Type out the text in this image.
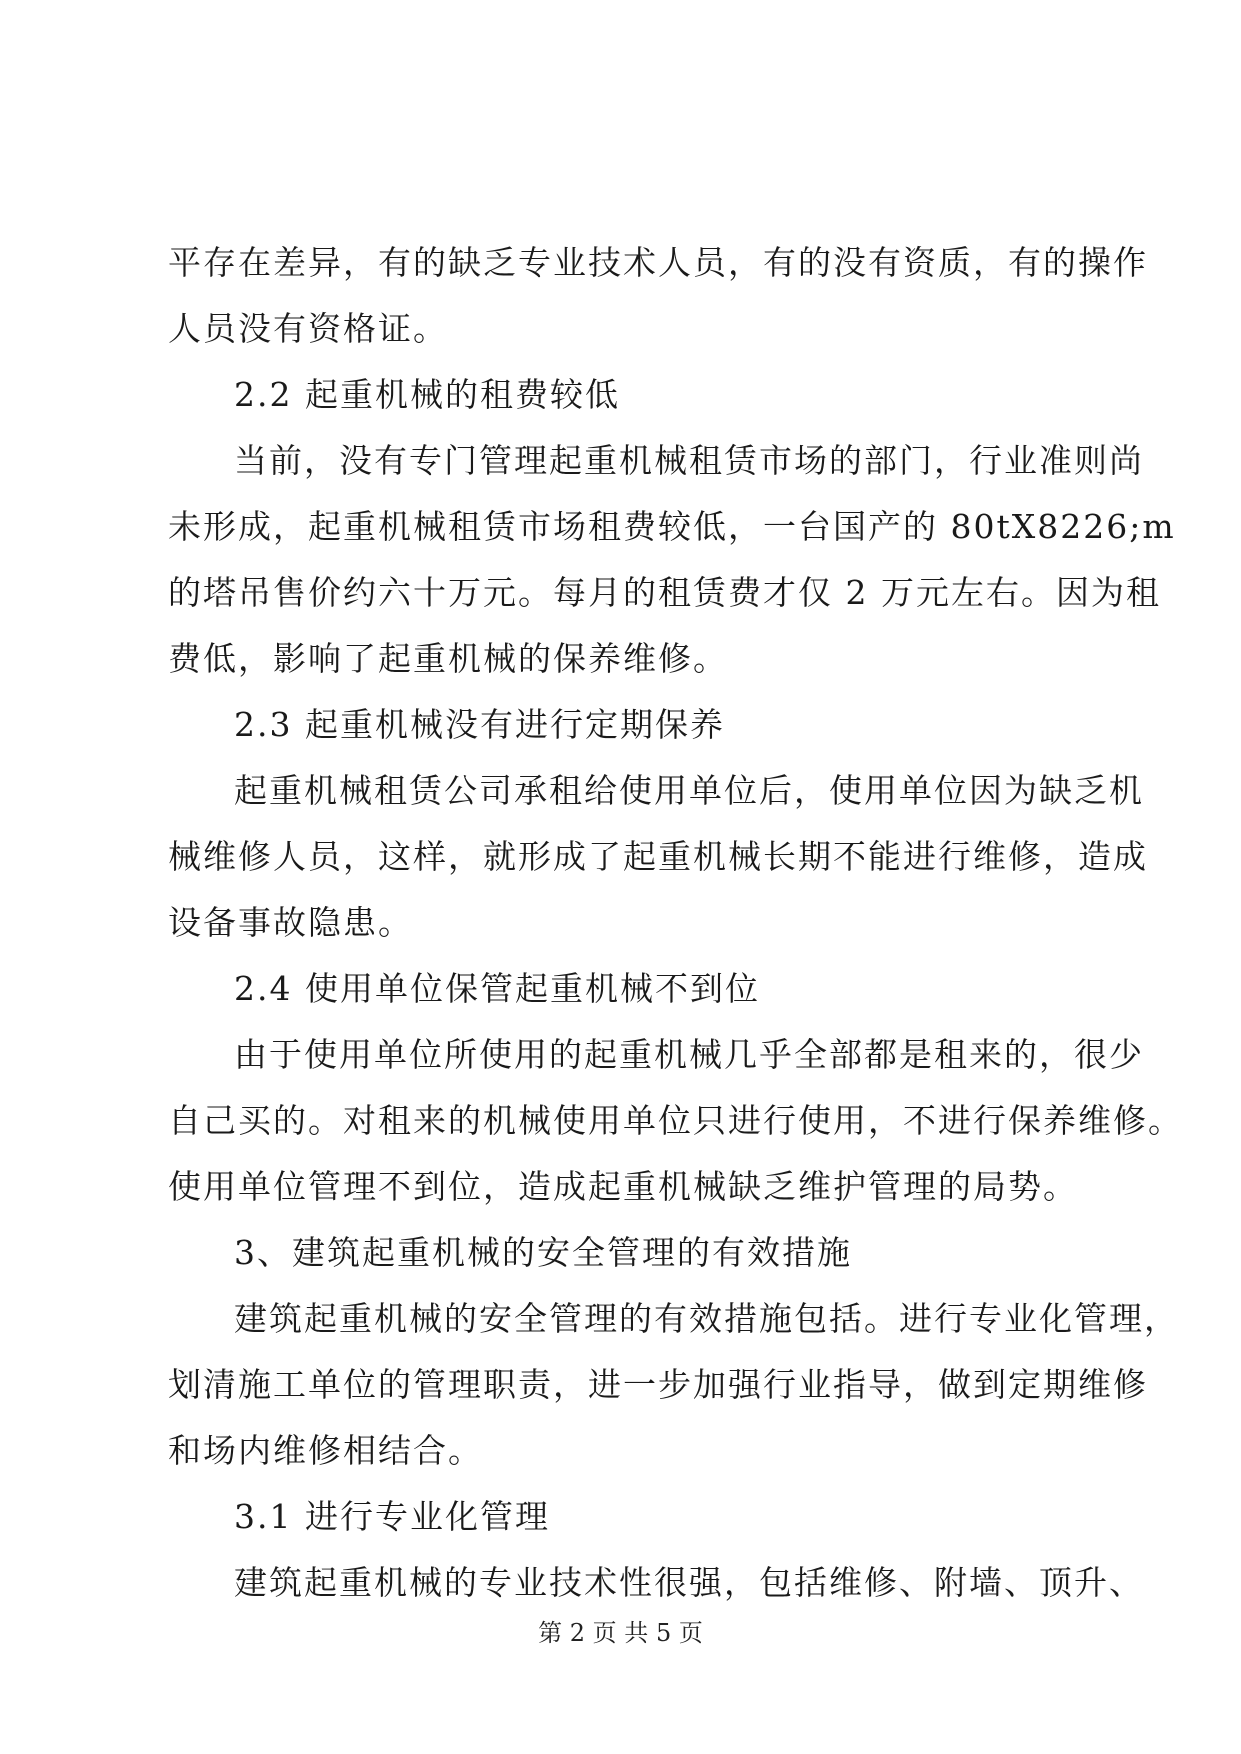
平存在差异，有的缺乏专业技术人员，有的没有资质，有的操作
人员没有资格证。
2.2 起重机械的租费较低
当前，没有专门管理起重机械租赁市场的部门，行业准则尚
未形成，起重机械租赁市场租费较低，一台国产的 80tX8226;m
的塔吊售价约六十万元。每月的租赁费才仅 2 万元左右。因为租
费低，影响了起重机械的保养维修。
2.3 起重机械没有进行定期保养
起重机械租赁公司承租给使用单位后，使用单位因为缺乏机
械维修人员，这样，就形成了起重机械长期不能进行维修，造成
设备事故隐患。
2.4 使用单位保管起重机械不到位
由于使用单位所使用的起重机械几乎全部都是租来的，很少
自己买的。对租来的机械使用单位只进行使用，不进行保养维修。
使用单位管理不到位，造成起重机械缺乏维护管理的局势。
3、建筑起重机械的安全管理的有效措施
建筑起重机械的安全管理的有效措施包括。进行专业化管理，
划清施工单位的管理职责，进一步加强行业指导，做到定期维修
和场内维修相结合。
3.1 进行专业化管理
建筑起重机械的专业技术性很强，包括维修、附墙、顶升、
第 2 页 共 5 页
